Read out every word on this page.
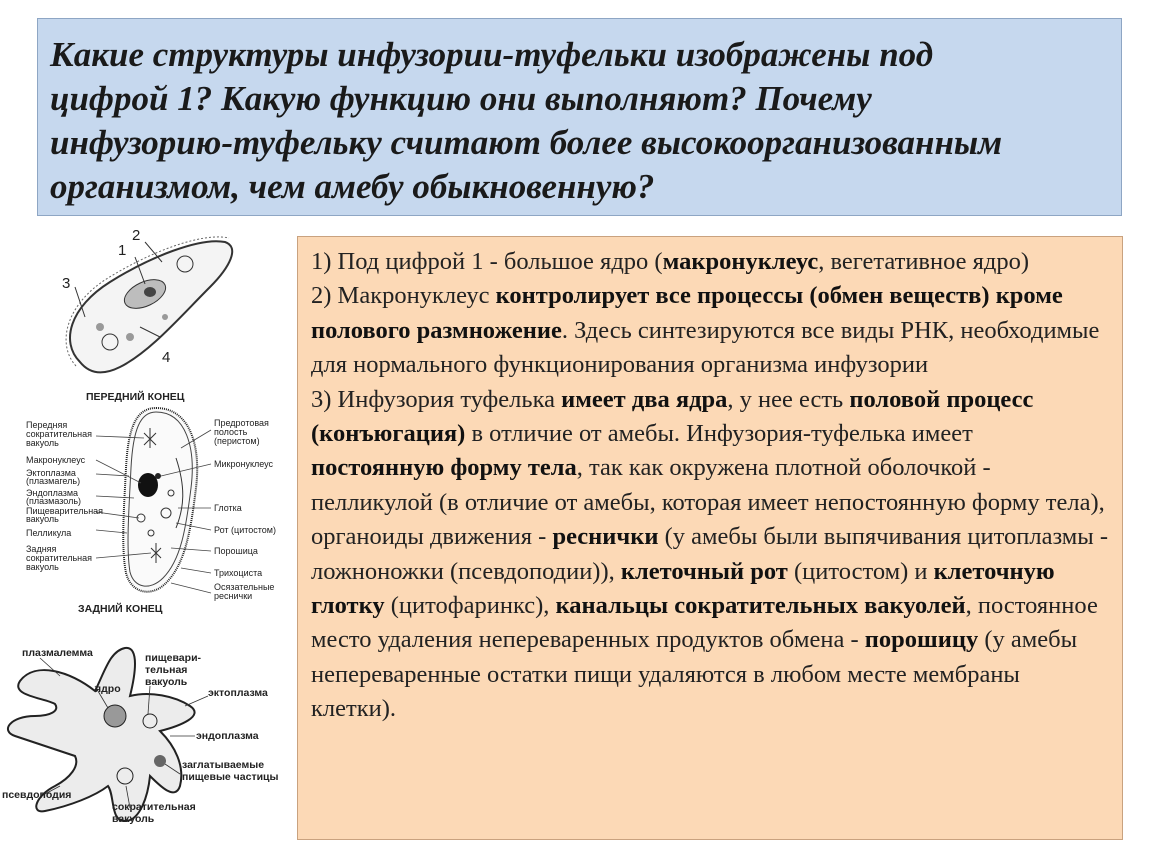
Какие структуры инфузории-туфельки изображены под

цифрой 1? Какую функцию они выполняют? Почему

инфузорию-туфельку считают более высокоорганизованным

организмом, чем амебу обыкновенную?

1) Под цифрой 1 - большое ядро (макронуклеус, вегетативное ядро)

2) Макронуклеус контролирует все процессы (обмен веществ) кроме полового размножение. Здесь синтезируются все виды РНК, необходимые для нормального функционирования организма инфузории

3) Инфузория туфелька имеет два ядра, у нее есть половой процесс (конъюгация) в отличие от амебы. Инфузория-туфелька имеет постоянную форму тела, так как окружена плотной оболочкой - пелликулой (в отличие от амебы, которая имеет непостоянную форму тела), органоиды движения - реснички (у амебы были выпячивания цитоплазмы - ложноножки (псевдоподии)), клеточный рот (цитостом) и клеточную глотку (цитофаринкс), канальцы сократительных вакуолей, постоянное место удаления непереваренных продуктов обмена - порошицу (у амебы непереваренные остатки пищи удаляются в любом месте мембраны клетки).

1
2
3
4
ПЕРЕДНИЙ КОНЕЦ
Передняя
сократительная
вакуоль
Макронуклеус
Эктоплазма
(плазмагель)
Эндоплазма
(плазмазоль)
Пищеварительная
вакуоль
Пелликула
Задняя
сократительная
вакуоль
Предротовая
полость
(перистом)
Микронуклеус
Глотка
Рот (цитостом)
Порошица
Трихоциста
Осязательные
реснички
ЗАДНИЙ КОНЕЦ
плазмалемма
ядро
пищевари-
тельная
вакуоль
эктоплазма
эндоплазма
заглатываемые
пищевые частицы
псевдоподия
сократительная
вакуоль
